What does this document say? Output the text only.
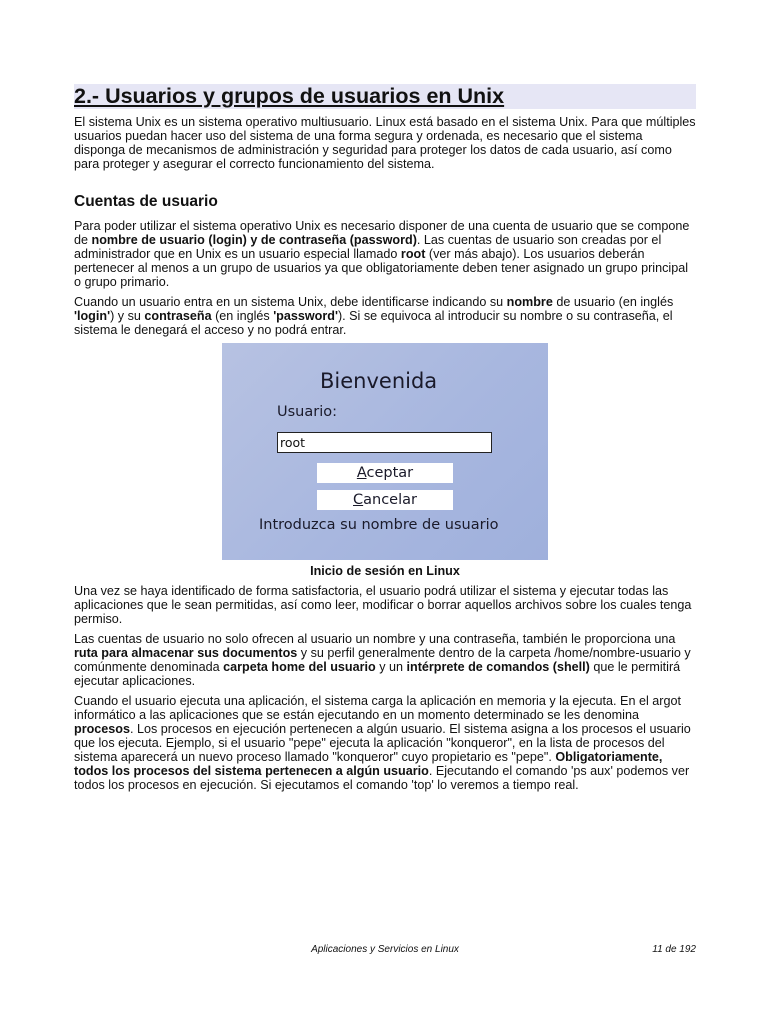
2.- Usuarios y grupos de usuarios en Unix

El sistema Unix es un sistema operativo multiusuario. Linux está basado en el sistema Unix. Para que múltiples usuarios puedan hacer uso del sistema de una forma segura y ordenada, es necesario que el sistema disponga de mecanismos de administración y seguridad para proteger los datos de cada usuario, así como para proteger y asegurar el correcto funcionamiento del sistema.

Cuentas de usuario

Para poder utilizar el sistema operativo Unix es necesario disponer de una cuenta de usuario que se compone de nombre de usuario (login) y de contraseña (password). Las cuentas de usuario son creadas por el administrador que en Unix es un usuario especial llamado root (ver más abajo). Los usuarios deberán pertenecer al menos a un grupo de usuarios ya que obligatoriamente deben tener asignado un grupo principal o grupo primario.

Cuando un usuario entra en un sistema Unix, debe identificarse indicando su nombre de usuario (en inglés 'login') y su contraseña (en inglés 'password'). Si se equivoca al introducir su nombre o su contraseña, el sistema le denegará el acceso y no podrá entrar.

Bienvenida
Usuario:
root
Aceptar
Cancelar
Introduzca su nombre de usuario
Inicio de sesión en Linux

Una vez se haya identificado de forma satisfactoria, el usuario podrá utilizar el sistema y ejecutar todas las aplicaciones que le sean permitidas, así como leer, modificar o borrar aquellos archivos sobre los cuales tenga permiso.

Las cuentas de usuario no solo ofrecen al usuario un nombre y una contraseña, también le proporciona una ruta para almacenar sus documentos y su perfil generalmente dentro de la carpeta /home/nombre-usuario y comúnmente denominada carpeta home del usuario y un intérprete de comandos (shell) que le permitirá ejecutar aplicaciones.

Cuando el usuario ejecuta una aplicación, el sistema carga la aplicación en memoria y la ejecuta. En el argot informático a las aplicaciones que se están ejecutando en un momento determinado se les denomina procesos. Los procesos en ejecución pertenecen a algún usuario. El sistema asigna a los procesos el usuario que los ejecuta. Ejemplo, si el usuario "pepe" ejecuta la aplicación "konqueror", en la lista de procesos del sistema aparecerá un nuevo proceso llamado "konqueror" cuyo propietario es "pepe". Obligatoriamente, todos los procesos del sistema pertenecen a algún usuario. Ejecutando el comando 'ps aux' podemos ver todos los procesos en ejecución. Si ejecutamos el comando 'top' lo veremos a tiempo real.

Aplicaciones y Servicios en Linux	11 de 192
